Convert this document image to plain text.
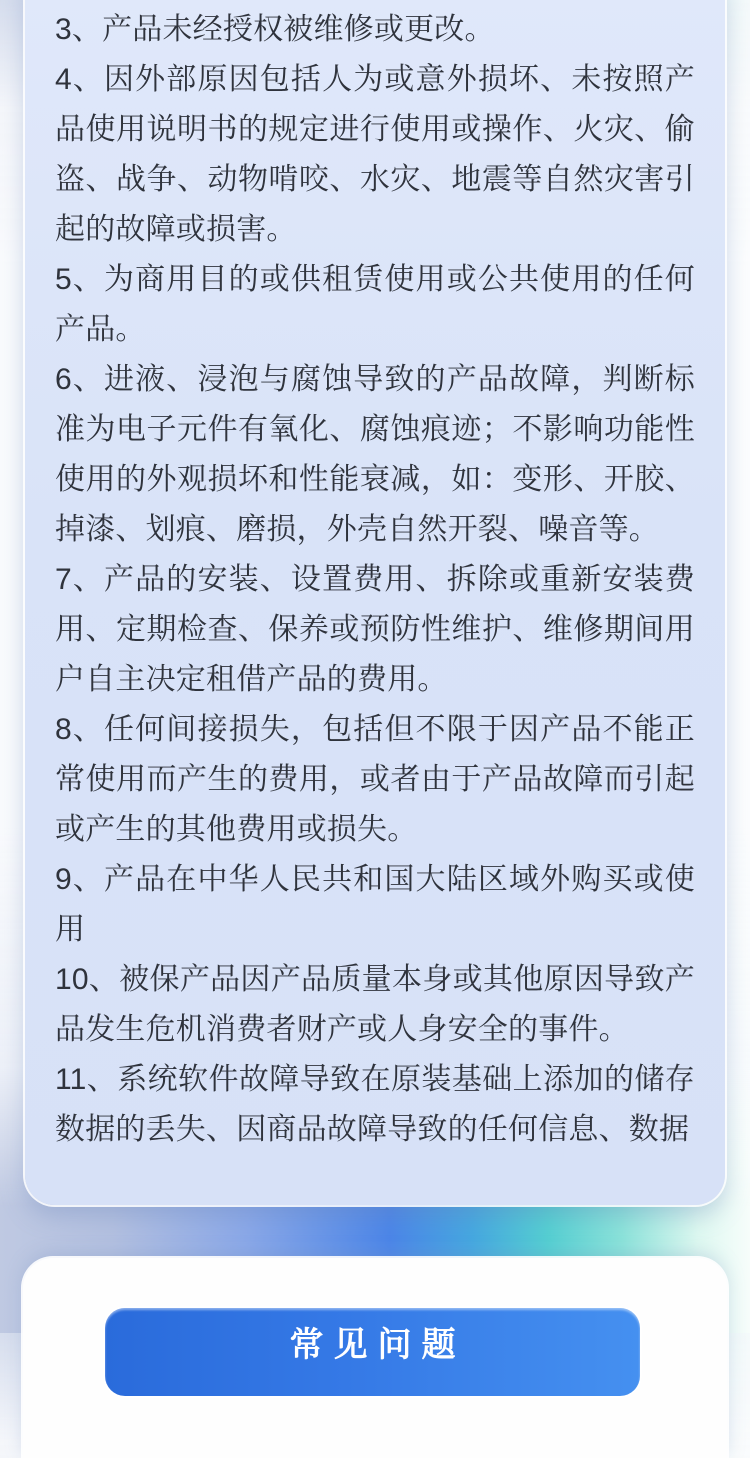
3、产品未经授权被维修或更改。

4、因外部原因包括人为或意外损坏、未按照产品使用说明书的规定进行使用或操作、火灾、偷盗、战争、动物啃咬、水灾、地震等自然灾害引起的故障或损害。

5、为商用目的或供租赁使用或公共使用的任何产品。

6、进液、浸泡与腐蚀导致的产品故障，判断标准为电子元件有氧化、腐蚀痕迹；不影响功能性使用的外观损坏和性能衰减，如：变形、开胶、掉漆、划痕、磨损，外壳自然开裂、噪音等。

7、产品的安装、设置费用、拆除或重新安装费用、定期检查、保养或预防性维护、维修期间用户自主决定租借产品的费用。

8、任何间接损失，包括但不限于因产品不能正常使用而产生的费用，或者由于产品故障而引起或产生的其他费用或损失。

9、产品在中华人民共和国大陆区域外购买或使用

10、被保产品因产品质量本身或其他原因导致产品发生危机消费者财产或人身安全的事件。

11、系统软件故障导致在原装基础上添加的储存数据的丢失、因商品故障导致的任何信息、数据

常见问题
